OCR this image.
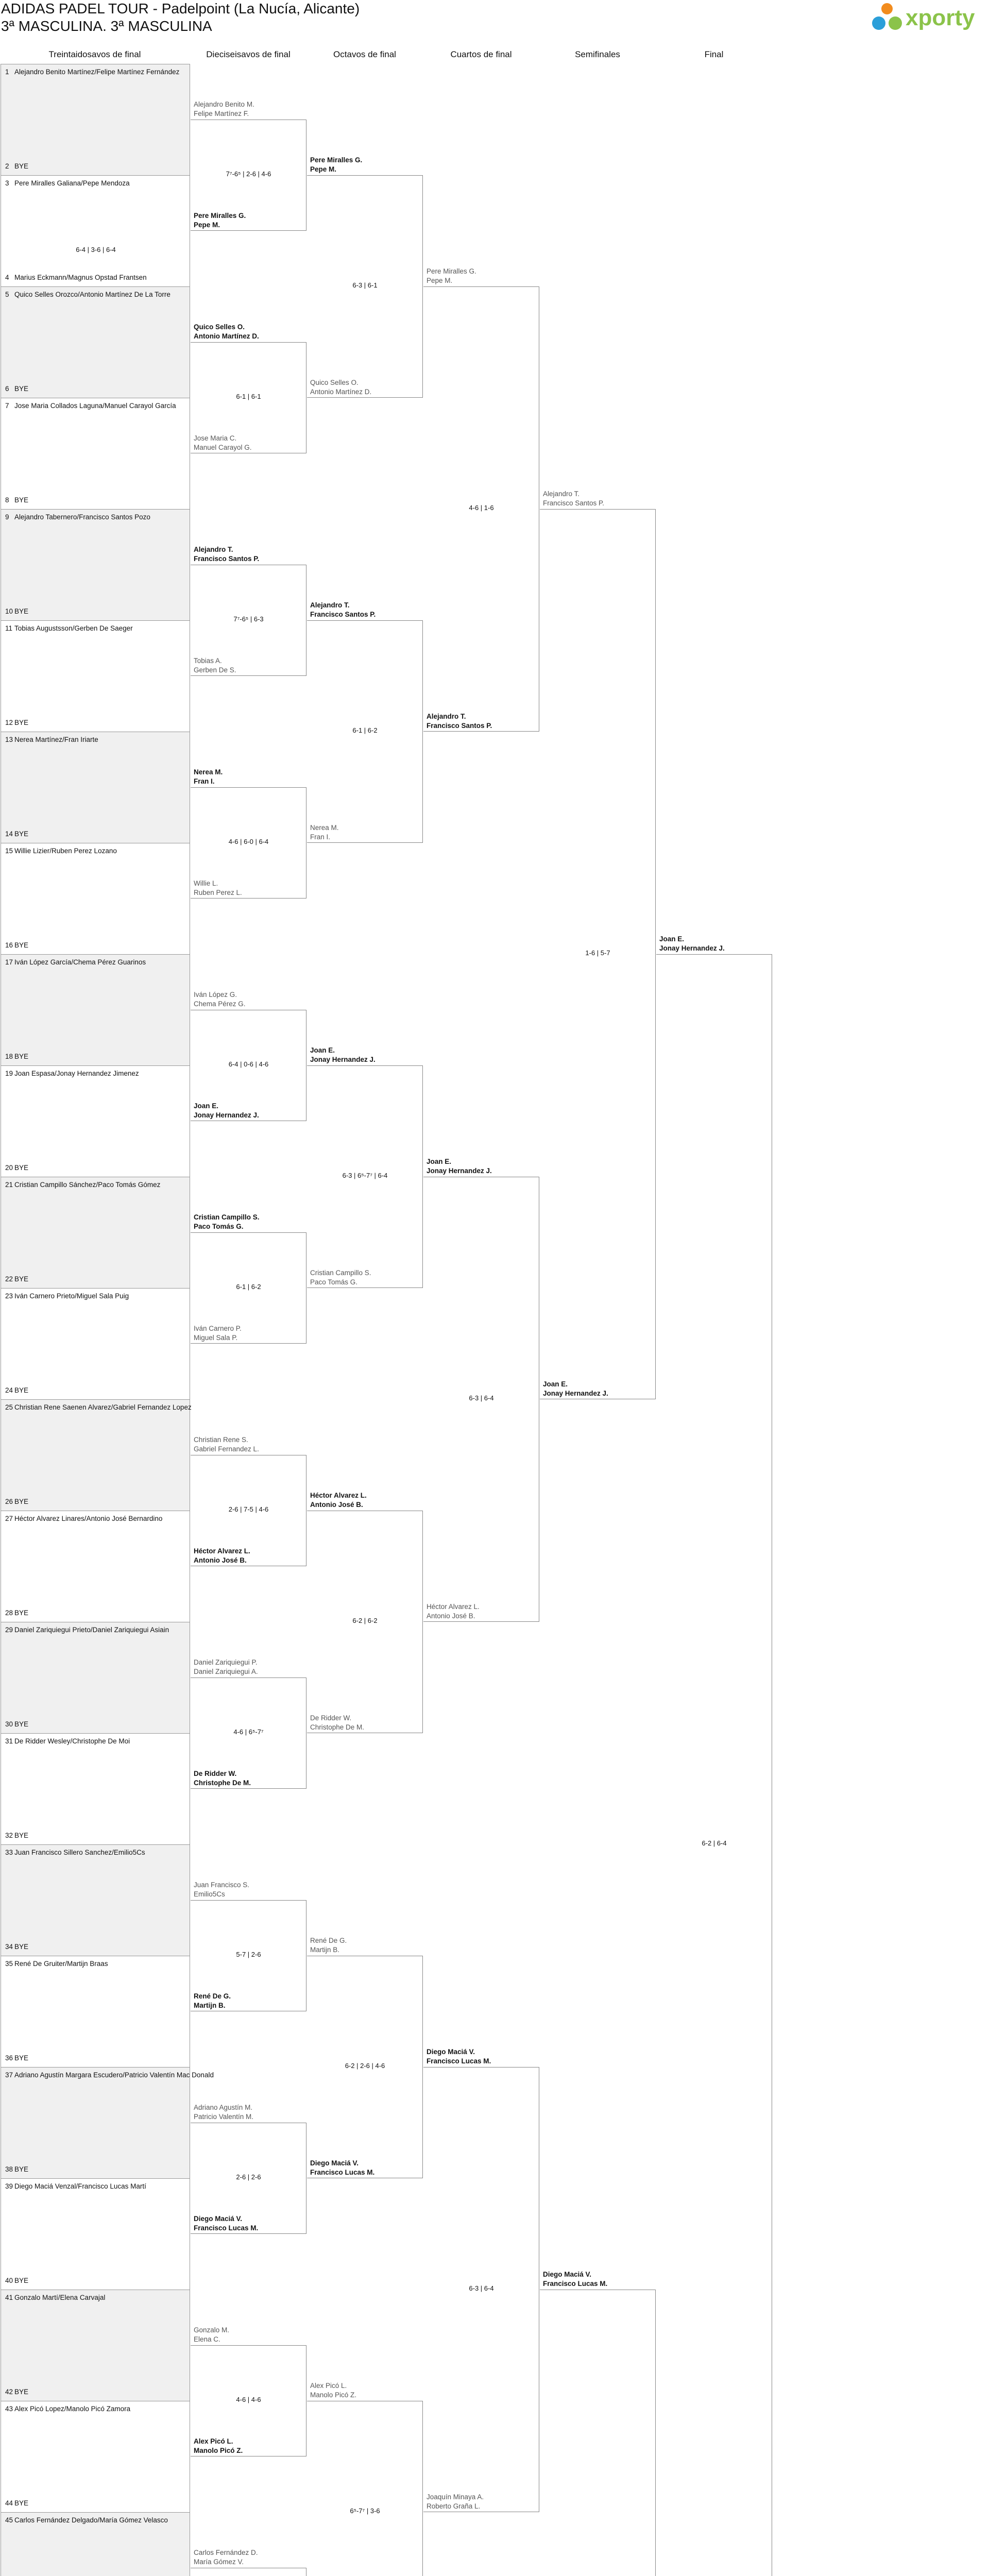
ADIDAS PADEL TOUR - Padelpoint (La Nucía, Alicante)
3ª MASCULINA. 3ª MASCULINA	xporty
Treintaidosavos de final	Dieciseisavos de final	Octavos de final	Cuartos de final	Semifinales	Final
1 Alejandro Benito Martínez/Felipe Martínez Fernández
2 BYE
3 Pere Miralles Galiana/Pepe Mendoza
4 Marius Eckmann/Magnus Opstad Frantsen
6-4 | 3-6 | 6-4
5 Quico Selles Orozco/Antonio Martínez De La Torre
6 BYE
7 Jose Maria Collados Laguna/Manuel Carayol García
8 BYE
9 Alejandro Tabernero/Francisco Santos Pozo
10 BYE
11 Tobias Augustsson/Gerben De Saeger
12 BYE
13 Nerea Martínez/Fran Iriarte
14 BYE
15 Willie Lizier/Ruben Perez Lozano
16 BYE
17 Iván López García/Chema Pérez Guarinos
18 BYE
19 Joan Espasa/Jonay Hernandez Jimenez
20 BYE
21 Cristian Campillo Sánchez/Paco Tomás Gómez
22 BYE
23 Iván Carnero Prieto/Miguel Sala Puig
24 BYE
25 Christian Rene Saenen Alvarez/Gabriel Fernandez Lopez
26 BYE
27 Héctor Alvarez Linares/Antonio José Bernardino
28 BYE
29 Daniel Zariquiegui Prieto/Daniel Zariquiegui Asiain
30 BYE
31 De Ridder Wesley/Christophe De Moi
32 BYE
33 Juan Francisco Sillero Sanchez/Emilio5Cs
34 BYE
35 René De Gruiter/Martijn Braas
36 BYE
37 Adriano Agustín Margara Escudero/Patricio Valentín Mac Donald
38 BYE
39 Diego Maciá Venzal/Francisco Lucas Martí
40 BYE
41 Gonzalo Martí/Elena Carvajal
42 BYE
43 Alex Picó Lopez/Manolo Picó Zamora
44 BYE
45 Carlos Fernández Delgado/María Gómez Velasco
Alejandro Benito M.
Felipe Martínez F.
Pere Miralles G.
Pepe M.
7⁷-6⁵ | 2-6 | 4-6
Quico Selles O.
Antonio Martínez D.
Jose Maria C.
Manuel Carayol G.
6-1 | 6-1
Alejandro T.
Francisco Santos P.
Tobias A.
Gerben De S.
7⁷-6⁵ | 6-3
Nerea M.
Fran I.
Willie L.
Ruben Perez L.
4-6 | 6-0 | 6-4
Iván López G.
Chema Pérez G.
Joan E.
Jonay Hernandez J.
6-4 | 0-6 | 4-6
Cristian Campillo S.
Paco Tomás G.
Iván Carnero P.
Miguel Sala P.
6-1 | 6-2
Christian Rene S.
Gabriel Fernandez L.
Héctor Alvarez L.
Antonio José B.
2-6 | 7-5 | 4-6
Daniel Zariquiegui P.
Daniel Zariquiegui A.
De Ridder W.
Christophe De M.
4-6 | 6⁵-7⁷
Juan Francisco S.
Emilio5Cs
René De G.
Martijn B.
5-7 | 2-6
Adriano Agustín M.
Patricio Valentín M.
Diego Maciá V.
Francisco Lucas M.
2-6 | 2-6
Gonzalo M.
Elena C.
Alex Picó L.
Manolo Picó Z.
4-6 | 4-6
Carlos Fernández D.
María Gómez V.
Pere Miralles G.
Pepe M.
Quico Selles O.
Antonio Martínez D.
6-3 | 6-1
Alejandro T.
Francisco Santos P.
Nerea M.
Fran I.
6-1 | 6-2
Joan E.
Jonay Hernandez J.
Cristian Campillo S.
Paco Tomás G.
6-3 | 6⁵-7⁷ | 6-4
Héctor Alvarez L.
Antonio José B.
De Ridder W.
Christophe De M.
6-2 | 6-2
René De G.
Martijn B.
Diego Maciá V.
Francisco Lucas M.
6-2 | 2-6 | 4-6
Alex Picó L.
Manolo Picó Z.
6⁵-7⁷ | 3-6
Pere Miralles G.
Pepe M.
Alejandro T.
Francisco Santos P.
4-6 | 1-6
Joan E.
Jonay Hernandez J.
Héctor Alvarez L.
Antonio José B.
6-3 | 6-4
Diego Maciá V.
Francisco Lucas M.
Joaquín Minaya A.
Roberto Graña L.
6-3 | 6-4
Alejandro T.
Francisco Santos P.
Joan E.
Jonay Hernandez J.
1-6 | 5-7
Diego Maciá V.
Francisco Lucas M.
Joan E.
Jonay Hernandez J.
6-2 | 6-4
